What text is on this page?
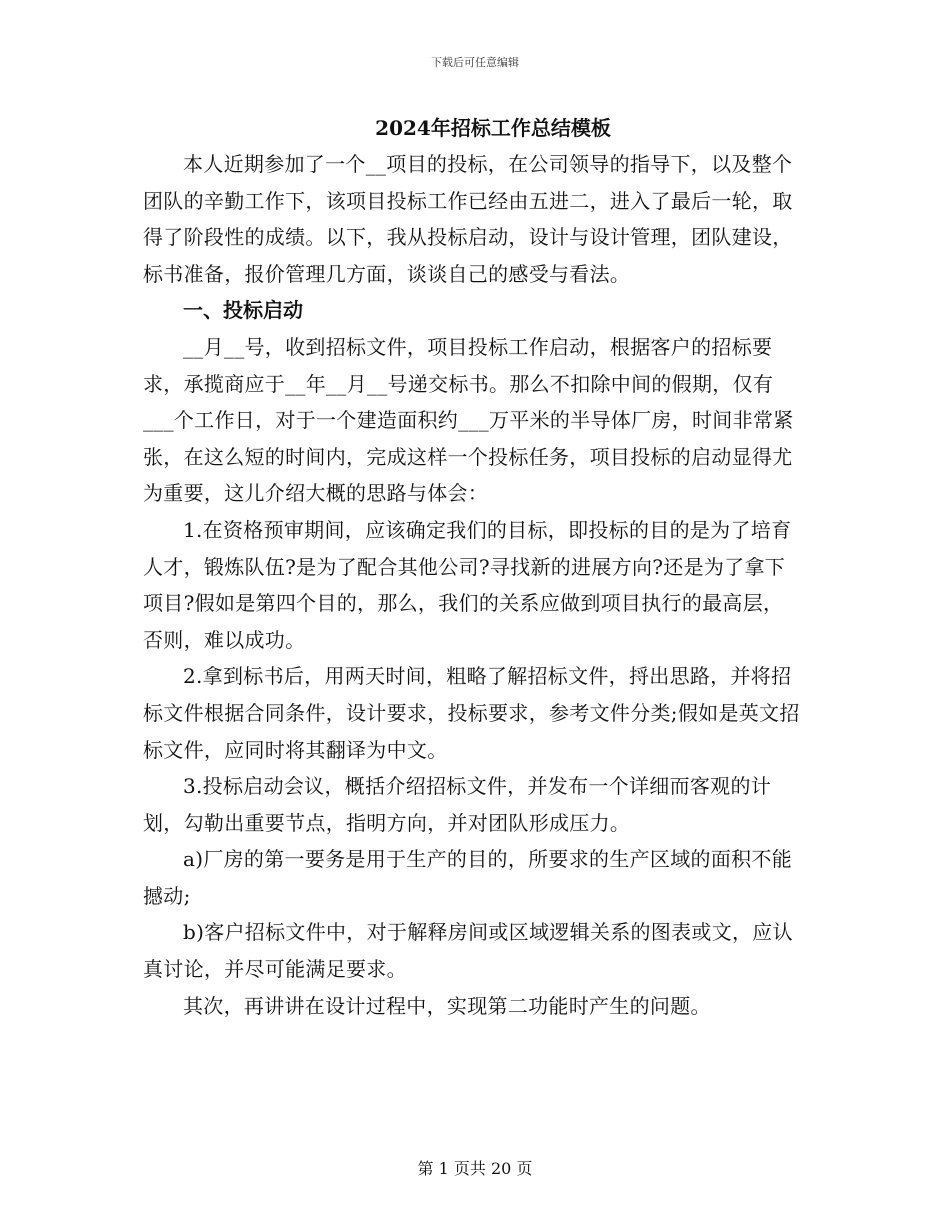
下载后可任意编辑
2024年招标工作总结模板

本人近期参加了一个__项目的投标，在公司领导的指导下，以及整个团队的辛勤工作下，该项目投标工作已经由五进二，进入了最后一轮，取得了阶段性的成绩。以下，我从投标启动，设计与设计管理，团队建设，标书准备，报价管理几方面，谈谈自己的感受与看法。

一、投标启动

__月__号，收到招标文件，项目投标工作启动，根据客户的招标要求，承揽商应于__年__月__号递交标书。那么不扣除中间的假期，仅有___个工作日，对于一个建造面积约___万平米的半导体厂房，时间非常紧张，在这么短的时间内，完成这样一个投标任务，项目投标的启动显得尤为重要，这儿介绍大概的思路与体会：

1.在资格预审期间，应该确定我们的目标，即投标的目的是为了培育人才，锻炼队伍?是为了配合其他公司?寻找新的进展方向?还是为了拿下项目?假如是第四个目的，那么，我们的关系应做到项目执行的最高层，否则，难以成功。

2.拿到标书后，用两天时间，粗略了解招标文件，捋出思路，并将招标文件根据合同条件，设计要求，投标要求，参考文件分类;假如是英文招标文件，应同时将其翻译为中文。

3.投标启动会议，概括介绍招标文件，并发布一个详细而客观的计划，勾勒出重要节点，指明方向，并对团队形成压力。

a)厂房的第一要务是用于生产的目的，所要求的生产区域的面积不能撼动;

b)客户招标文件中，对于解释房间或区域逻辑关系的图表或文，应认真讨论，并尽可能满足要求。

其次，再讲讲在设计过程中，实现第二功能时产生的问题。

第 1 页共 20 页
